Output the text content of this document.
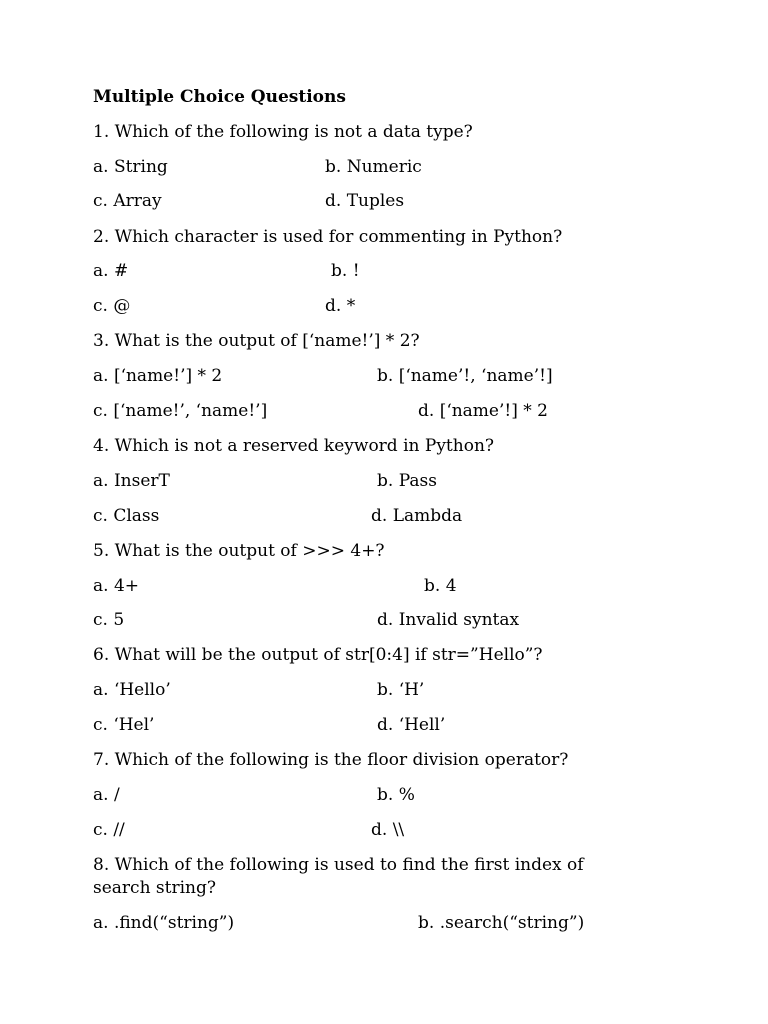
Multiple Choice Questions

1. Which of the following is not a data type?

a. String	b. Numeric

c. Array	d. Tuples

2. Which character is used for commenting in Python?

a. #	b. !

c. @	d. *

3. What is the output of [‘name!’] * 2?

a. [‘name!’] * 2	b. [‘name’!, ‘name’!]

c. [‘name!’, ‘name!’]	d. [‘name’!] * 2

4. Which is not a reserved keyword in Python?

a. InserT	b. Pass

c. Class	d. Lambda

5. What is the output of >>> 4+?

a. 4+	b. 4

c. 5	d. Invalid syntax

6. What will be the output of str[0:4] if str=”Hello”?

a. ‘Hello’	b. ‘H’

c. ‘Hel’	d. ‘Hell’

7. Which of the following is the floor division operator?

a. /	b. %

c. //	d. \\

8. Which of the following is used to find the first index of

search string?

a. .find(“string”)	b. .search(“string”)
